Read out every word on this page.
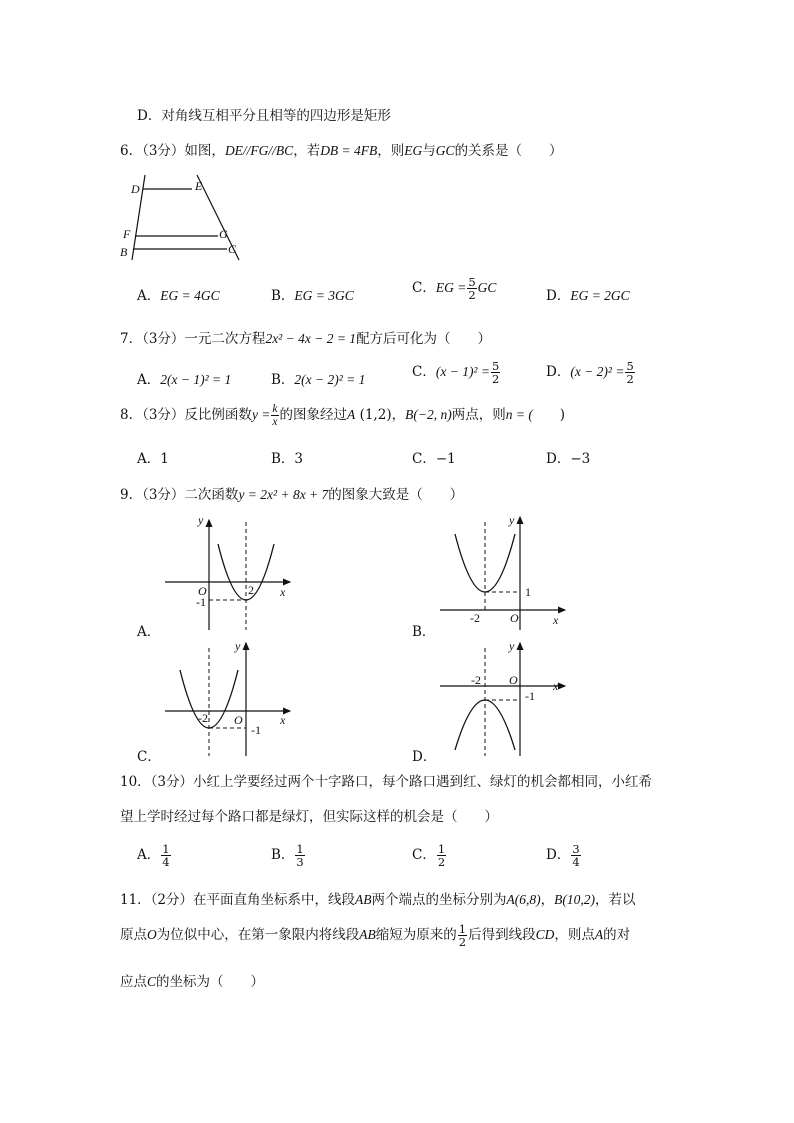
D．对角线互相平分且相等的四边形是矩形
6．（3分）如图，DE//FG//BC，若DB = 4FB，则EG与GC的关系是（　　）
D	E
F	G
B	C
A．EG = 4GC	B．EG = 3GC	C．EG = $\frac{5}{2}$ GC
D．EG = 2GC
7．（3分）一元二次方程2x² − 4x − 2 = 1配方后可化为（　　）
A．2(x − 1)² = 1	B．2(x − 2)² = 1	C．$(x - 1)^2 = \frac{5}{2}$	D．$(x - 2)^2 = \frac{5}{2}$
8．（3分）反比例函数$y = \frac{k}{x}$ 的图象经过A (1,2)，B(−2, n)两点，则n = (　　)
A．1	B．3	C．−1	D．−3
9．（3分）二次函数y = 2x² + 8x + 7的图象大致是（　　）
y
x
O	2
-1
A．
y
x
O
-2
1
B．
y
x
O
-2
-1
C．
y
x
O
-2
-1
D．
10．（3分）小红上学要经过两个十字路口，每个路口遇到红、绿灯的机会都相同，小红希
望上学时经过每个路口都是绿灯，但实际这样的机会是（　　）
A． $\frac{1}{4}$	B． $\frac{1}{3}$	C． $\frac{1}{2}$	D． $\frac{3}{4}$
11．（2分）在平面直角坐标系中，线段AB两个端点的坐标分别为A(6,8)，B(10,2)，若以
原点O为位似中心，在第一象限内将线段AB缩短为原来的 $\frac{1}{2}$ 后得到线段CD，则点A的对
应点C的坐标为（　　）
